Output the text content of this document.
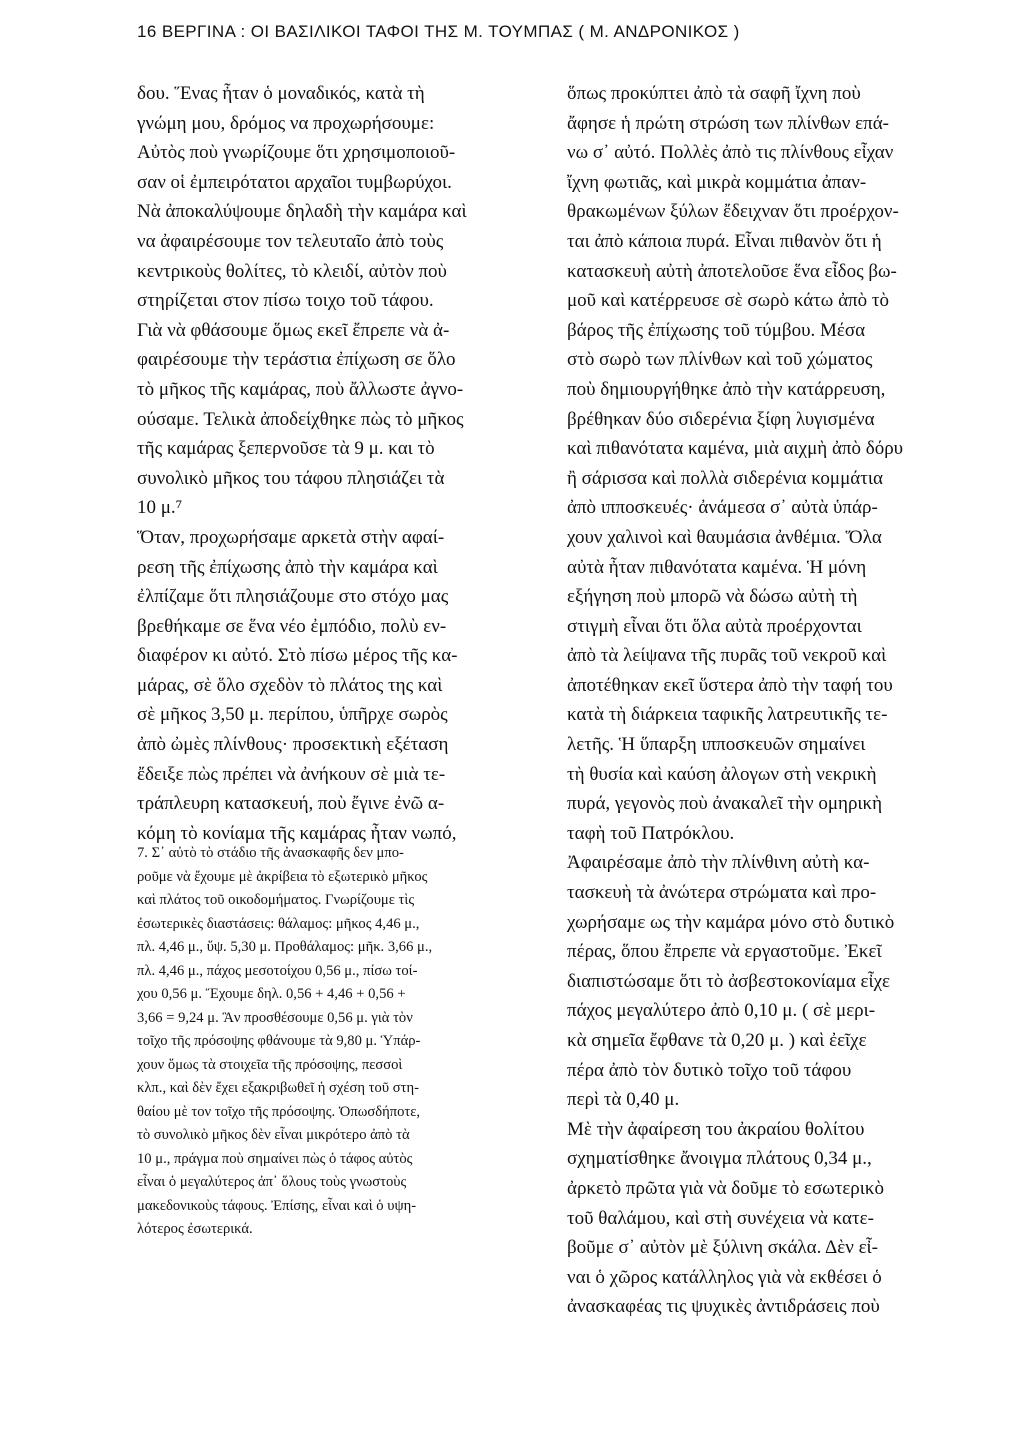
16 ΒΕΡΓΙΝΑ : ΟΙ ΒΑΣΙΛΙΚΟΙ ΤΑΦΟΙ ΤΗΣ Μ. ΤΟΥΜΠΑΣ ( Μ. ΑΝΔΡΟΝΙΚΟΣ )
δου. Ἕνας ἦταν ὁ μοναδικός, κατὰ τὴ
γνώμη μου, δρόμος να προχωρήσουμε:
Αὐτὸς ποὺ γνωρίζουμε ὅτι χρησιμοποιοῦ-
σαν οἱ ἐμπειρότατοι αρχαῖοι τυμβωρύχοι.
Νὰ ἀποκαλύψουμε δηλαδὴ τὴν καμάρα καὶ
να ἀφαιρέσουμε τον τελευταῖο ἀπὸ τοὺς
κεντρικοὺς θολίτες, τὸ κλειδί, αὐτὸν ποὺ
στηρίζεται στον πίσω τοιχο τοῦ τάφου.
Γιὰ νὰ φθάσουμε ὅμως εκεῖ ἔπρεπε νὰ ἀ-
φαιρέσουμε τὴν τεράστια ἐπίχωση σε ὅλο
τὸ μῆκος τῆς καμάρας, ποὺ ἄλλωστε ἀγνο-
ούσαμε. Τελικὰ ἀποδείχθηκε πὼς τὸ μῆκος
τῆς καμάρας ξεπερνοῦσε τὰ 9 μ. και τὸ
συνολικὸ μῆκος του τάφου πλησιάζει τὰ
10 μ.⁷
Ὅταν, προχωρήσαμε αρκετὰ στὴν αφαί-
ρεση τῆς ἐπίχωσης ἀπὸ τὴν καμάρα καὶ
ἐλπίζαμε ὅτι πλησιάζουμε στο στόχο μας
βρεθήκαμε σε ἕνα νέο ἐμπόδιο, πολὺ εν-
διαφέρον κι αὐτό. Στὸ πίσω μέρος τῆς κα-
μάρας, σὲ ὅλο σχεδὸν τὸ πλάτος της καὶ
σὲ μῆκος 3,50 μ. περίπου, ὑπῆρχε σωρὸς
ἀπὸ ὠμὲς πλίνθους· προσεκτικὴ εξέταση
ἔδειξε πὼς πρέπει νὰ ἀνήκουν σὲ μιὰ τε-
τράπλευρη κατασκευή, ποὺ ἔγινε ἐνῶ α-
κόμη τὸ κονίαμα τῆς καμάρας ἦταν νωπό,
7. Σ᾽ αὐτὸ τὸ στάδιο τῆς ἀνασκαφῆς δεν μπο-
ροῦμε νὰ ἔχουμε μὲ ἀκρίβεια τὸ εξωτερικὸ μῆκος
καὶ πλάτος τοῦ οικοδομήματος. Γνωρίζουμε τὶς
ἐσωτερικὲς διαστάσεις: θάλαμος: μῆκος 4,46 μ.,
πλ. 4,46 μ., ὕψ. 5,30 μ. Προθάλαμος: μῆκ. 3,66 μ.,
πλ. 4,46 μ., πάχος μεσοτοίχου 0,56 μ., πίσω τοί-
χου 0,56 μ. Ἔχουμε δηλ. 0,56 + 4,46 + 0,56 +
3,66 = 9,24 μ. Ἂν προσθέσουμε 0,56 μ. γιὰ τὸν
τοῖχο τῆς πρόσοψης φθάνουμε τὰ 9,80 μ. Ὑπάρ-
χουν ὅμως τὰ στοιχεῖα τῆς πρόσοψης, πεσσοὶ
κλπ., καὶ δὲν ἔχει εξακριβωθεῖ ἡ σχέση τοῦ στη-
θαίου μὲ τον τοῖχο τῆς πρόσοψης. Ὁπωσδήποτε,
τὸ συνολικὸ μῆκος δὲν εἶναι μικρότερο ἀπὸ τὰ
10 μ., πράγμα ποὺ σημαίνει πὼς ὁ τάφος αὐτὸς
εἶναι ὁ μεγαλύτερος ἀπ᾽ ὅλους τοὺς γνωστοὺς
μακεδονικοὺς τάφους. Ἐπίσης, εἶναι καὶ ὁ υψη-
λότερος ἐσωτερικά.
ὅπως προκύπτει ἀπὸ τὰ σαφῆ ἴχνη ποὺ
ἄφησε ἡ πρώτη στρώση των πλίνθων επά-
νω σ᾽ αὐτό. Πολλὲς ἀπὸ τις πλίνθους εἶχαν
ἴχνη φωτιᾶς, καὶ μικρὰ κομμάτια ἀπαν-
θρακωμένων ξύλων ἔδειχναν ὅτι προέρχον-
ται ἀπὸ κάποια πυρά. Εἶναι πιθανὸν ὅτι ἡ
κατασκευὴ αὐτὴ ἀποτελοῦσε ἕνα εἶδος βω-
μοῦ καὶ κατέρρευσε σὲ σωρὸ κάτω ἀπὸ τὸ
βάρος τῆς ἐπίχωσης τοῦ τύμβου. Μέσα
στὸ σωρὸ των πλίνθων καὶ τοῦ χώματος
ποὺ δημιουργήθηκε ἀπὸ τὴν κατάρρευση,
βρέθηκαν δύο σιδερένια ξίφη λυγισμένα
καὶ πιθανότατα καμένα, μιὰ αιχμὴ ἀπὸ δόρυ
ἢ σάρισσα καὶ πολλὰ σιδερένια κομμάτια
ἀπὸ ιπποσκευές· ἀνάμεσα σ᾽ αὐτὰ ὑπάρ-
χουν χαλινοὶ καὶ θαυμάσια ἀνθέμια. Ὅλα
αὐτὰ ἦταν πιθανότατα καμένα. Ἡ μόνη
εξήγηση ποὺ μπορῶ νὰ δώσω αὐτὴ τὴ
στιγμὴ εἶναι ὅτι ὅλα αὐτὰ προέρχονται
ἀπὸ τὰ λείψανα τῆς πυρᾶς τοῦ νεκροῦ καὶ
ἀποτέθηκαν εκεῖ ὕστερα ἀπὸ τὴν ταφή του
κατὰ τὴ διάρκεια ταφικῆς λατρευτικῆς τε-
λετῆς. Ἡ ὕπαρξη ιπποσκευῶν σημαίνει
τὴ θυσία καὶ καύση ἀλογων στὴ νεκρικὴ
πυρά, γεγονὸς ποὺ ἀνακαλεῖ τὴν ομηρικὴ
ταφὴ τοῦ Πατρόκλου.
Ἀφαιρέσαμε ἀπὸ τὴν πλίνθινη αὐτὴ κα-
τασκευὴ τὰ ἀνώτερα στρώματα καὶ προ-
χωρήσαμε ως τὴν καμάρα μόνο στὸ δυτικὸ
πέρας, ὅπου ἔπρεπε νὰ εργαστοῦμε. Ἐκεῖ
διαπιστώσαμε ὅτι τὸ ἀσβεστοκονίαμα εἶχε
πάχος μεγαλύτερο ἀπὸ 0,10 μ. ( σὲ μερι-
κὰ σημεῖα ἔφθανε τὰ 0,20 μ. ) καὶ ἐεῖχε
πέρα ἀπὸ τὸν δυτικὸ τοῖχο τοῦ τάφου
περὶ τὰ 0,40 μ.
Μὲ τὴν ἀφαίρεση του ἀκραίου θολίτου
σχηματίσθηκε ἄνοιγμα πλάτους 0,34 μ.,
ἀρκετὸ πρῶτα γιὰ νὰ δοῦμε τὸ εσωτερικὸ
τοῦ θαλάμου, καὶ στὴ συνέχεια νὰ κατε-
βοῦμε σ᾽ αὐτὸν μὲ ξύλινη σκάλα. Δὲν εἶ-
ναι ὁ χῶρος κατάλληλος γιὰ νὰ εκθέσει ὁ
ἀνασκαφέας τις ψυχικὲς ἀντιδράσεις ποὺ
